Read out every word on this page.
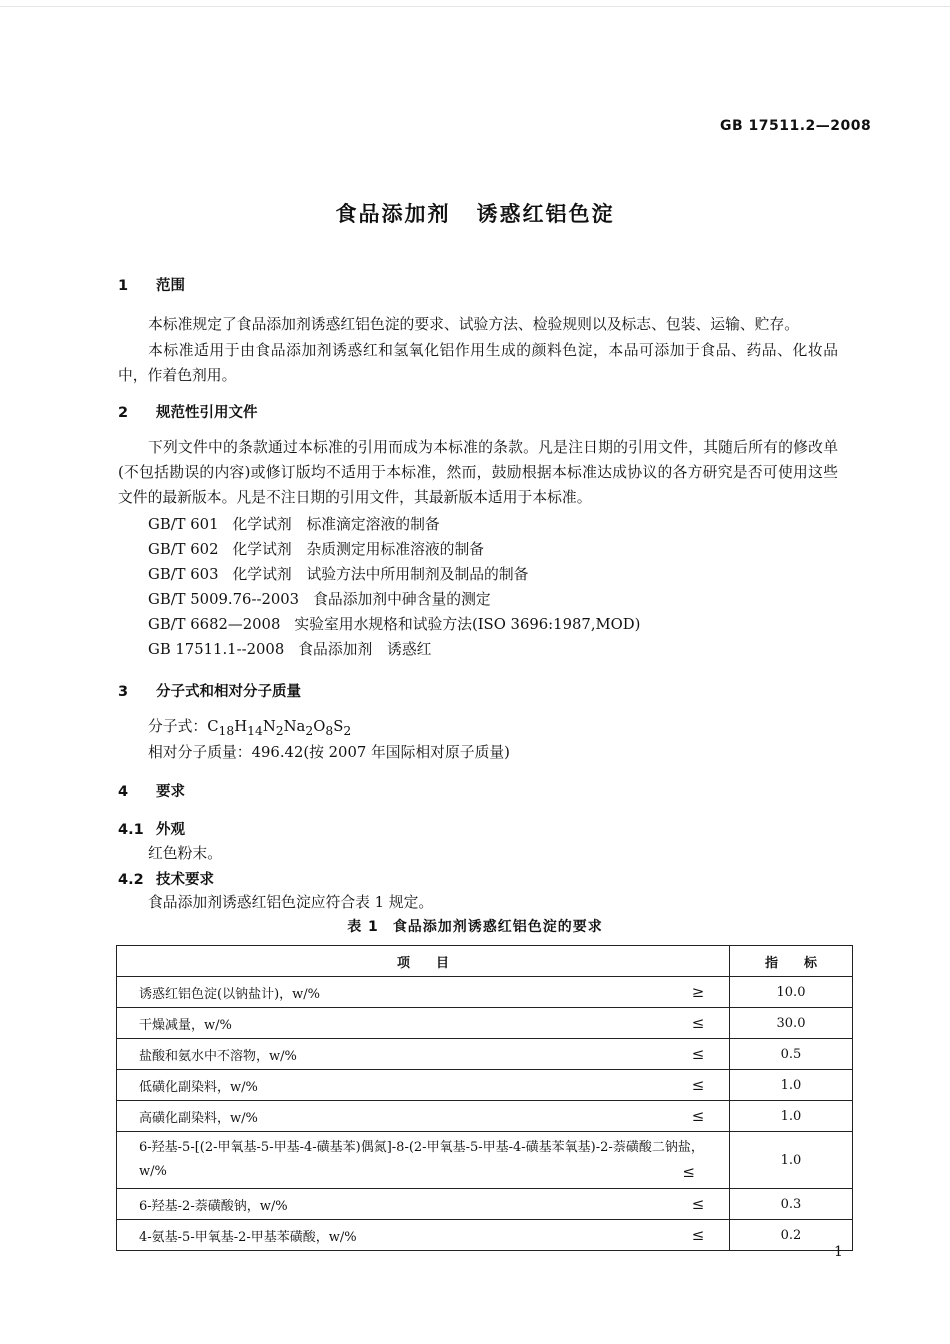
GB 17511.2—2008
食品添加剂 诱惑红铝色淀
1 范围
本标准规定了食品添加剂诱惑红铝色淀的要求、试验方法、检验规则以及标志、包装、运输、贮存。
本标准适用于由食品添加剂诱惑红和氢氧化铝作用生成的颜料色淀，本品可添加于食品、药品、化妆品中，作着色剂用。
2 规范性引用文件
下列文件中的条款通过本标准的引用而成为本标准的条款。凡是注日期的引用文件，其随后所有的修改单(不包括勘误的内容)或修订版均不适用于本标准，然而，鼓励根据本标准达成协议的各方研究是否可使用这些文件的最新版本。凡是不注日期的引用文件，其最新版本适用于本标准。
GB/T 601 化学试剂　标准滴定溶液的制备
GB/T 602 化学试剂　杂质测定用标准溶液的制备
GB/T 603 化学试剂　试验方法中所用制剂及制品的制备
GB/T 5009.76--2003 食品添加剂中砷含量的测定
GB/T 6682—2008 实验室用水规格和试验方法(ISO 3696:1987,MOD)
GB 17511.1--2008 食品添加剂　诱惑红
3 分子式和相对分子质量
分子式：$C_{18}H_{14}N_2Na_2O_8S_2$
相对分子质量：496.42(按 2007 年国际相对原子质量)
4 要求
4.1 外观
红色粉末。
4.2 技术要求
食品添加剂诱惑红铝色淀应符合表 1 规定。
表 1 食品添加剂诱惑红铝色淀的要求
项　　目		指　　标
诱惑红铝色淀(以钠盐计)，w/%	≥	10.0
干燥减量，w/%	≤	30.0
盐酸和氨水中不溶物，w/%	≤	0.5
低磺化副染料，w/%	≤	1.0
高磺化副染料，w/%	≤	1.0
6-羟基-5-[(2-甲氧基-5-甲基-4-磺基苯)偶氮]-8-(2-甲氧基-5-甲基-4-磺基苯氧基)-2-萘磺酸二钠盐，w/% ≤		1.0
6-羟基-2-萘磺酸钠，w/%	≤	0.3
4-氨基-5-甲氧基-2-甲基苯磺酸，w/%	≤	0.2
1
